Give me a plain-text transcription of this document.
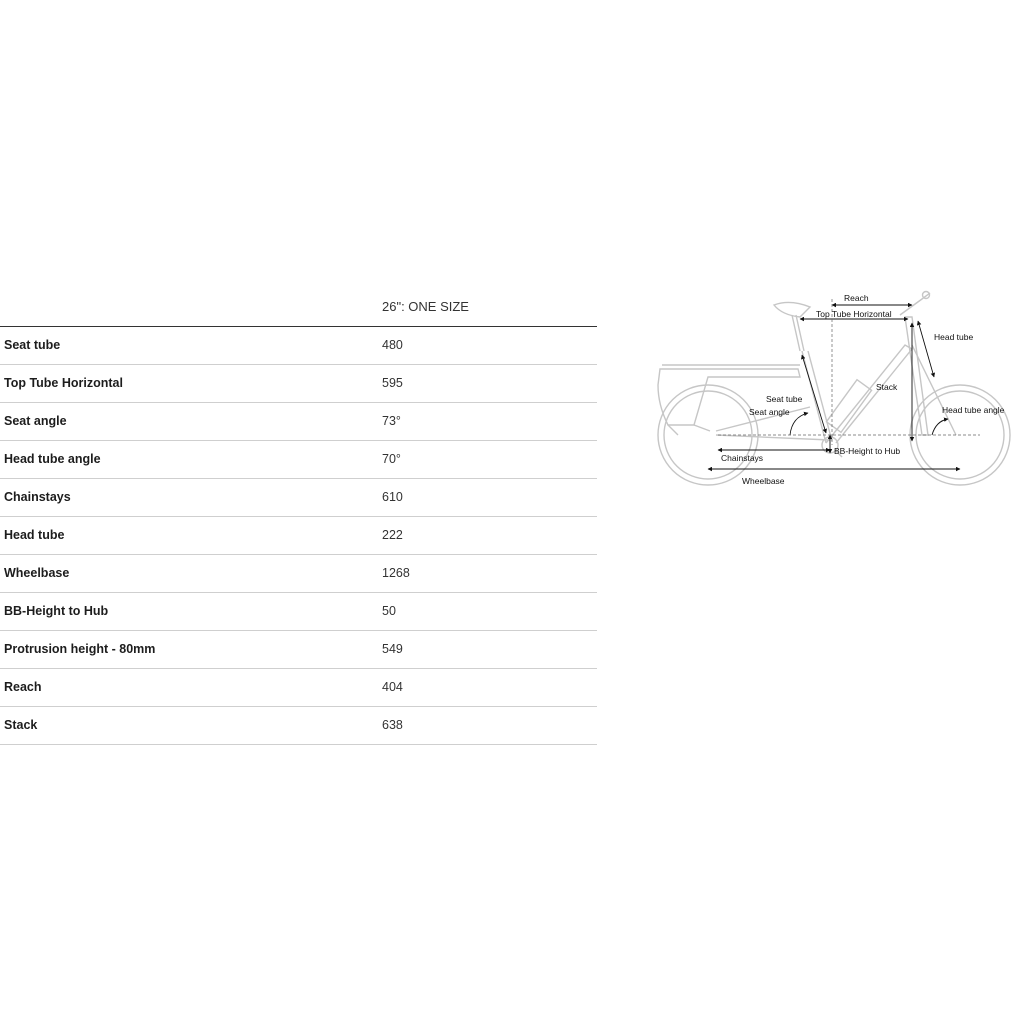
26": ONE SIZE
Seat tube	480
Top Tube Horizontal	595
Seat angle	73°
Head tube angle	70°
Chainstays	610
Head tube	222
Wheelbase	1268
BB-Height to Hub	50
Protrusion height - 80mm	549
Reach	404
Stack	638
Reach
Top Tube Horizontal
Head tube
Stack
Seat tube
Seat angle	Head tube angle
Chainstays
BB-Height to Hub
Wheelbase
